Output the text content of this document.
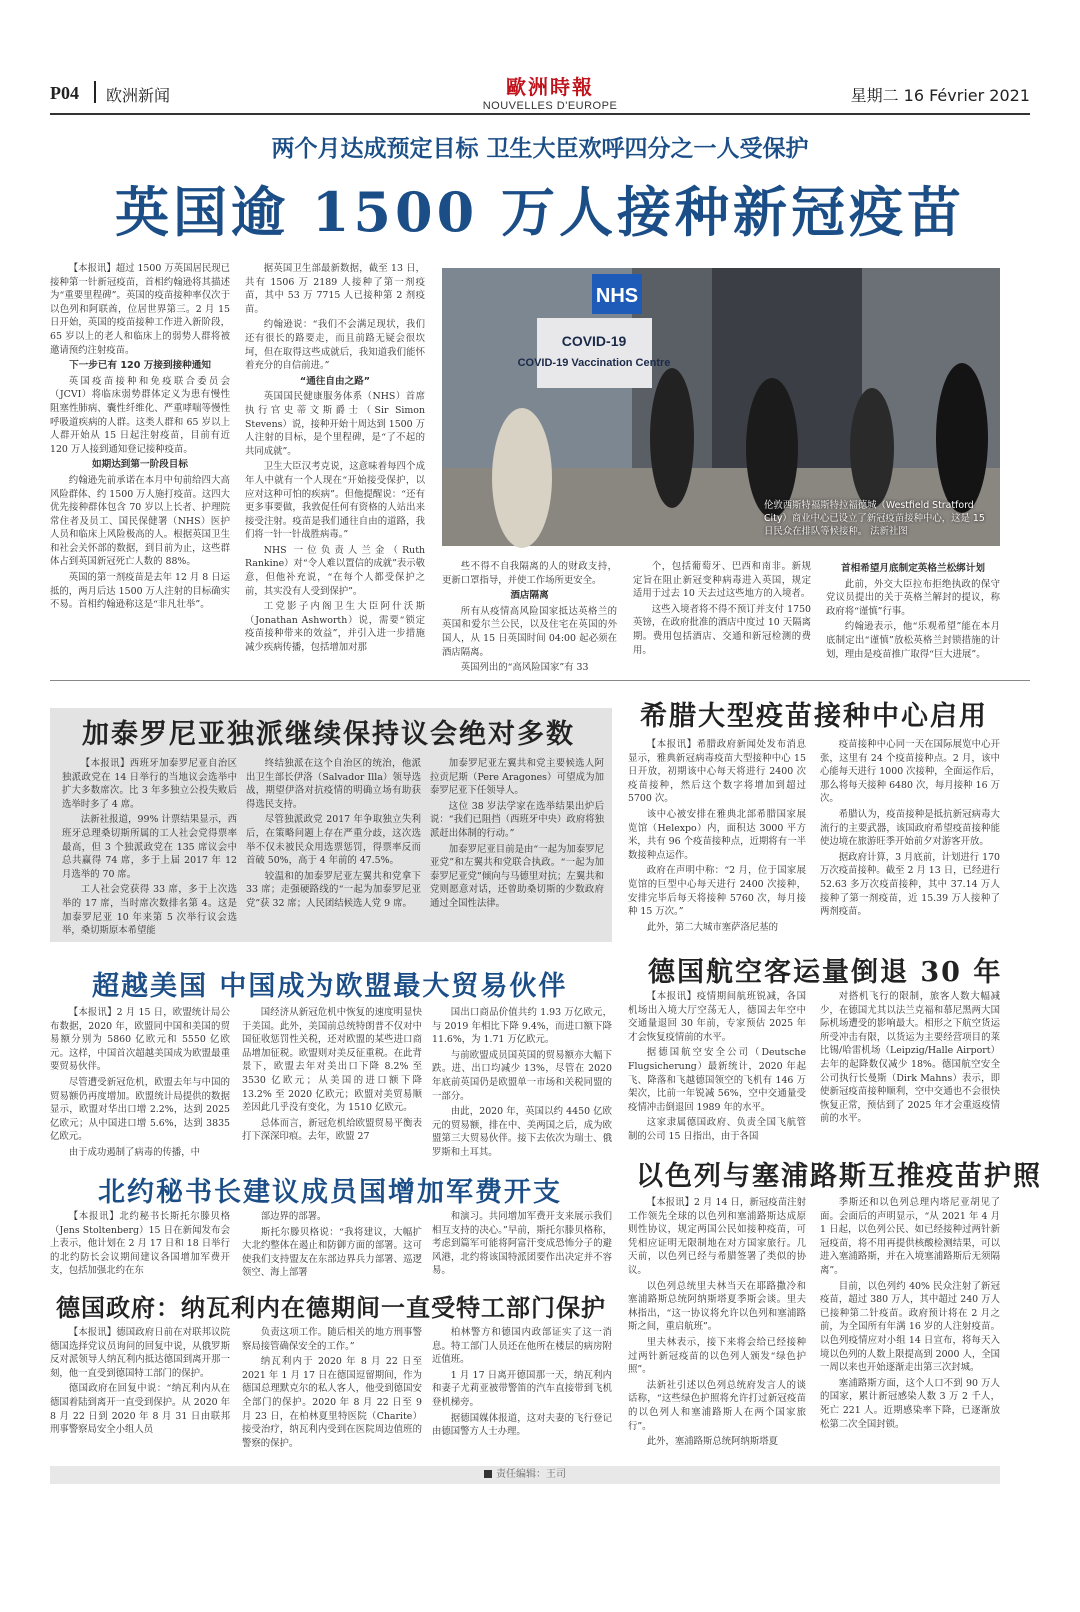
P04 欧洲新闻	歐洲時報
NOUVELLES D'EUROPE
星期二 16 Février 2021
两个月达成预定目标 卫生大臣欢呼四分之一人受保护
英国逾 1500 万人接种新冠疫苗

【本报讯】超过 1500 万英国居民现已接种第一针新冠疫苗，首相约翰逊将其描述为“重要里程碑”。英国的疫苗接种率仅次于以色列和阿联酋，位居世界第三。2 月 15 日开始，英国的疫苗接种工作进入新阶段，65 岁以上的老人和临床上的弱势人群将被邀请预约注射疫苗。

下一步已有 120 万接到接种通知

英国疫苗接种和免疫联合委员会（JCVI）将临床弱势群体定义为患有慢性阻塞性肺病、囊性纤维化、严重哮喘等慢性呼吸道疾病的人群。这类人群和 65 岁以上人群开始从 15 日起注射疫苗，目前有近 120 万人接到通知登记接种疫苗。

如期达到第一阶段目标

约翰逊先前承诺在本月中旬前给四大高风险群体、约 1500 万人施打疫苗。这四大优先接种群体包含 70 岁以上长者、护理院常住者及员工、国民保健署（NHS）医护人员和临床上风险极高的人。根据英国卫生和社会关怀部的数据，到目前为止，这些群体占到英国新冠死亡人数的 88%。

英国的第一剂疫苗是去年 12 月 8 日运抵的，两月后达 1500 万人注射的目标确实不易。首相约翰逊称这是“非凡壮举”。

据英国卫生部最新数据，截至 13 日，共有 1506 万 2189 人接种了第一剂疫苗，其中 53 万 7715 人已接种第 2 剂疫苗。

约翰逊说：“我们不会满足现状，我们还有很长的路要走，而且前路无疑会很坎坷，但在取得这些成就后，我知道我们能怀着充分的自信前进。”

“通往自由之路”

英国国民健康服务体系（NHS）首席执行官史蒂文斯爵士（Sir Simon Stevens）说，接种开始十周达到 1500 万人注射的目标，是个里程碑，是“了不起的共同成就”。

卫生大臣汉考克说，这意味着每四个成年人中就有一个人现在“开始接受保护，以应对这种可怕的疾病”。但他提醒说：“还有更多事要做，我敦促任何有资格的人站出来接受注射。疫苗是我们通往自由的道路，我们将一针一针战胜病毒。”

NHS 一位负责人兰金（Ruth Rankine）对“令人难以置信的成就”表示敬意，但他补充说，“在每个人都受保护之前，其实没有人受到保护”。

工党影子内阁卫生大臣阿什沃斯（Jonathan Ashworth）说，需要“锁定疫苗接种带来的效益”，并引入进一步措施减少疾病传播，包括增加对那

NHS
COVID-19
COVID-19 Vaccination Centre
伦敦西斯特福斯特拉福德城（Westfield Stratford City）商业中心已设立了新冠疫苗接种中心，这是 15 日民众在排队等候接种。 法新社图

些不得不自我隔离的人的财政支持，更新口罩指导，并使工作场所更安全。

酒店隔离

所有从疫情高风险国家抵达英格兰的英国和爱尔兰公民，以及住宅在英国的外国人，从 15 日英国时间 04:00 起必须在酒店隔离。

英国列出的“高风险国家”有 33

个，包括葡萄牙、巴西和南非。新规定旨在阻止新冠变种病毒进入英国，规定适用于过去 10 天去过这些地方的入境者。

这些入境者将不得不预订并支付 1750 英镑，在政府批准的酒店中度过 10 天隔离期。费用包括酒店、交通和新冠检测的费用。

首相希望月底制定英格兰松绑计划

此前，外交大臣拉布拒绝执政的保守党议员提出的关于英格兰解封的提议，称政府将“谨慎”行事。

约翰逊表示，他“乐观希望”能在本月底制定出“谨慎”放松英格兰封锁措施的计划，理由是疫苗推广取得“巨大进展”。

加泰罗尼亚独派继续保持议会绝对多数

【本报讯】西班牙加泰罗尼亚自治区独派政党在 14 日举行的当地议会选举中扩大多数席次。比 3 年多独立公投失败后选举时多了 4 席。

法新社报道，99% 计票结果显示，西班牙总理桑切斯所属的工人社会党得票率最高，但 3 个独派政党在 135 席议会中总共赢得 74 席，多于上届 2017 年 12 月选举的 70 席。

工人社会党获得 33 席，多于上次选举的 17 席，当时席次数排名第 4。这是加泰罗尼亚 10 年来第 5 次举行议会选举，桑切斯原本希望能

终结独派在这个自治区的统治，他派出卫生部长伊洛（Salvador Illa）领导选战，期望伊洛对抗疫情的明确立场有助获得选民支持。

尽管独派政党 2017 年争取独立失利后，在策略问题上存在严重分歧，这次选举不仅未被民众用选票惩罚，得票率反而首破 50%，高于 4 年前的 47.5%。

较温和的加泰罗尼亚左翼共和党拿下 33 席；走强硬路线的“一起为加泰罗尼亚党”获 32 席；人民团结候选人党 9 席。

加泰罗尼亚左翼共和党主要候选人阿拉贡尼斯（Pere Aragones）可望成为加泰罗尼亚下任领导人。

这位 38 岁法学家在选举结果出炉后说：“我们已阻挡（西班牙中央）政府将独派赶出体制的行动。”

加泰罗尼亚目前是由“一起为加泰罗尼亚党”和左翼共和党联合执政。“一起为加泰罗尼亚党”倾向与马德里对抗；左翼共和党则愿意对话，还曾助桑切斯的少数政府通过全国性法律。

希腊大型疫苗接种中心启用

【本报讯】希腊政府新闻处发布消息显示，雅典新冠病毒疫苗大型接种中心 15 日开放，初期该中心每天将进行 2400 次疫苗接种，然后这个数字将增加到超过 5700 次。

该中心被安排在雅典北部希腊国家展览馆（Helexpo）内，面积达 3000 平方米，共有 96 个疫苗接种点，近期将有一半数接种点运作。

政府在声明中称：“2 月，位于国家展览馆的巨型中心每天进行 2400 次接种，安排完毕后每天将接种 5760 次，每月接种 15 万次。”

此外，第二大城市塞萨洛尼基的

疫苗接种中心同一天在国际展览中心开张，这里有 24 个疫苗接种点。2 月，该中心能每天进行 1000 次接种，全面运作后，那么将每天接种 6480 次，每月接种 16 万次。

希腊认为，疫苗接种是抵抗新冠病毒大流行的主要武器，该国政府希望疫苗接种能使边境在旅游旺季开始前夕对游客开放。

据政府计算，3 月底前，计划进行 170 万次疫苗接种。截至 2 月 13 日，已经进行 52.63 多万次疫苗接种，其中 37.14 万人接种了第一剂疫苗，近 15.39 万人接种了两剂疫苗。

超越美国 中国成为欧盟最大贸易伙伴

【本报讯】2 月 15 日，欧盟统计局公布数据，2020 年，欧盟同中国和美国的贸易额分别为 5860 亿欧元和 5550 亿欧元。这样，中国首次超越美国成为欧盟最重要贸易伙伴。

尽管遭受新冠危机，欧盟去年与中国的贸易额仍再度增加。欧盟统计局提供的数据显示，欧盟对华出口增 2.2%，达到 2025 亿欧元；从中国进口增 5.6%，达到 3835 亿欧元。

由于成功遏制了病毒的传播，中

国经济从新冠危机中恢复的速度明显快于美国。此外，美国前总统特朗普不仅对中国征收惩罚性关税，还对欧盟的某些进口商品增加征税。欧盟则对美反征重税。在此背景下，欧盟去年对美出口下降 8.2% 至 3530 亿欧元；从美国的进口额下降 13.2% 至 2020 亿欧元；欧盟对美贸易顺差因此几乎没有变化，为 1510 亿欧元。

总体而言，新冠危机给欧盟贸易平衡表打下深深印痕。去年，欧盟 27

国出口商品价值共约 1.93 万亿欧元，与 2019 年相比下降 9.4%，而进口额下降 11.6%，为 1.71 万亿欧元。

与前欧盟成员国英国的贸易额亦大幅下跌。进、出口均减少 13%，尽管在 2020 年底前英国仍是欧盟单一市场和关税同盟的一部分。

由此，2020 年，英国以约 4450 亿欧元的贸易额，排在中、美两国之后，成为欧盟第三大贸易伙伴。接下去依次为瑞士、俄罗斯和土耳其。

德国航空客运量倒退 30 年

【本报讯】疫情期间航班锐减，各国机场出入境大厅空荡无人，德国去年空中交通量退回 30 年前，专家预估 2025 年才会恢复疫情前的水平。

据德国航空安全公司（Deutsche Flugsicherung）最新统计，2020 年起飞、降落和飞越德国领空的飞机有 146 万架次，比前一年锐减 56%，空中交通量受疫情冲击倒退回 1989 年的水平。

这家隶属德国政府、负责全国飞航管制的公司 15 日指出，由于各国

对搭机飞行的限制，旅客人数大幅减少，在德国尤其以法兰克福和慕尼黑两大国际机场遭受的影响最大。相形之下航空货运所受冲击有限，以货运为主要经营项目的莱比锡/哈雷机场（Leipzig/Halle Airport）去年的起降数仅减少 18%。德国航空安全公司执行长曼斯（Dirk Mahns）表示，即使新冠疫苗接种顺利，空中交通也不会很快恢复正常，预估到了 2025 年才会重返疫情前的水平。

以色列与塞浦路斯互推疫苗护照

【本报讯】2 月 14 日，新冠疫苗注射工作领先全球的以色列和塞浦路斯达成原则性协议，规定两国公民如接种疫苗，可凭相应证明无限制地在对方国家旅行。几天前，以色列已经与希腊签署了类似的协议。

以色列总统里夫林当天在耶路撒冷和塞浦路斯总统阿纳斯塔夏季斯会谈。里夫林指出，“这一协议将允许以色列和塞浦路斯之间，重启航班”。

里夫林表示，接下来将会给已经接种过两针新冠疫苗的以色列人颁发“绿色护照”。

法新社引述以色列总统府发言人的谈话称，“这些绿色护照将允许打过新冠疫苗的以色列人和塞浦路斯人在两个国家旅行”。

此外，塞浦路斯总统阿纳斯塔夏

季斯还和以色列总理内塔尼亚胡见了面。会面后的声明显示，“从 2021 年 4 月 1 日起，以色列公民、如已经接种过两针新冠疫苗，将不用再提供核酸检测结果，可以进入塞浦路斯，并在入境塞浦路斯后无须隔离”。

目前，以色列约 40% 民众注射了新冠疫苗，超过 380 万人，其中超过 240 万人已接种第二针疫苗。政府预计将在 2 月之前，为全国所有年满 16 岁的人注射疫苗。以色列疫情应对小组 14 日宣布，将每天入境以色列的人数上限提高到 2000 人，全国一周以来也开始逐渐走出第三次封城。

塞浦路斯方面，这个人口不到 90 万人的国家，累计新冠感染人数 3 万 2 千人，死亡 221 人。近期感染率下降，已逐渐放松第二次全国封锁。

北约秘书长建议成员国增加军费开支

【本报讯】北约秘书长斯托尔滕贝格（Jens Stoltenberg）15 日在新闻发布会上表示，他计划在 2 月 17 日和 18 日举行的北约防长会议期间建议各国增加军费开支，包括加强北约在东

部边界的部署。

斯托尔滕贝格说：“我将建议，大幅扩大北约整体在遏止和防御方面的部署。这可使我们支持盟友在东部边界兵力部署、巡逻领空、海上部署

和演习。共同增加军费开支来展示我们相互支持的决心。”早前，斯托尔滕贝格称，考虑到篇军可能将阿富汗变成恐怖分子的避风港，北约将该国特派团要作出决定并不容易。

德国政府：纳瓦利内在德期间一直受特工部门保护

【本报讯】德国政府日前在对联邦议院德国选择党议员询问的回复中说，从俄罗斯反对派领导人纳瓦利内抵达德国到离开那一刻，他一直受到德国特工部门的保护。

德国政府在回复中说：“纳瓦利内从在德国着陆到离开一直受到保护。从 2020 年 8 月 22 日到 2020 年 8 月 31 日由联邦刑事警察局安全小组人员

负责这项工作。随后相关的地方刑事警察局接管确保安全的工作。”

纳瓦利内于 2020 年 8 月 22 日至 2021 年 1 月 17 日在德国逗留期间，作为德国总理默克尔的私人客人，他受到德国安全部门的保护。2020 年 8 月 22 日至 9 月 23 日，在柏林夏里特医院（Charite）接受治疗，纳瓦利内受到在医院周边值班的警察的保护。

柏林警方和德国内政部证实了这一消息。特工部门人员还在他所在楼层的病房附近值班。

1 月 17 日离开德国那一天，纳瓦利内和妻子尤莉亚被带警笛的汽车直接带到飞机登机梯旁。

据德国媒体报道，这对夫妻的飞行登记由德国警方人士办理。

责任编辑：王司
